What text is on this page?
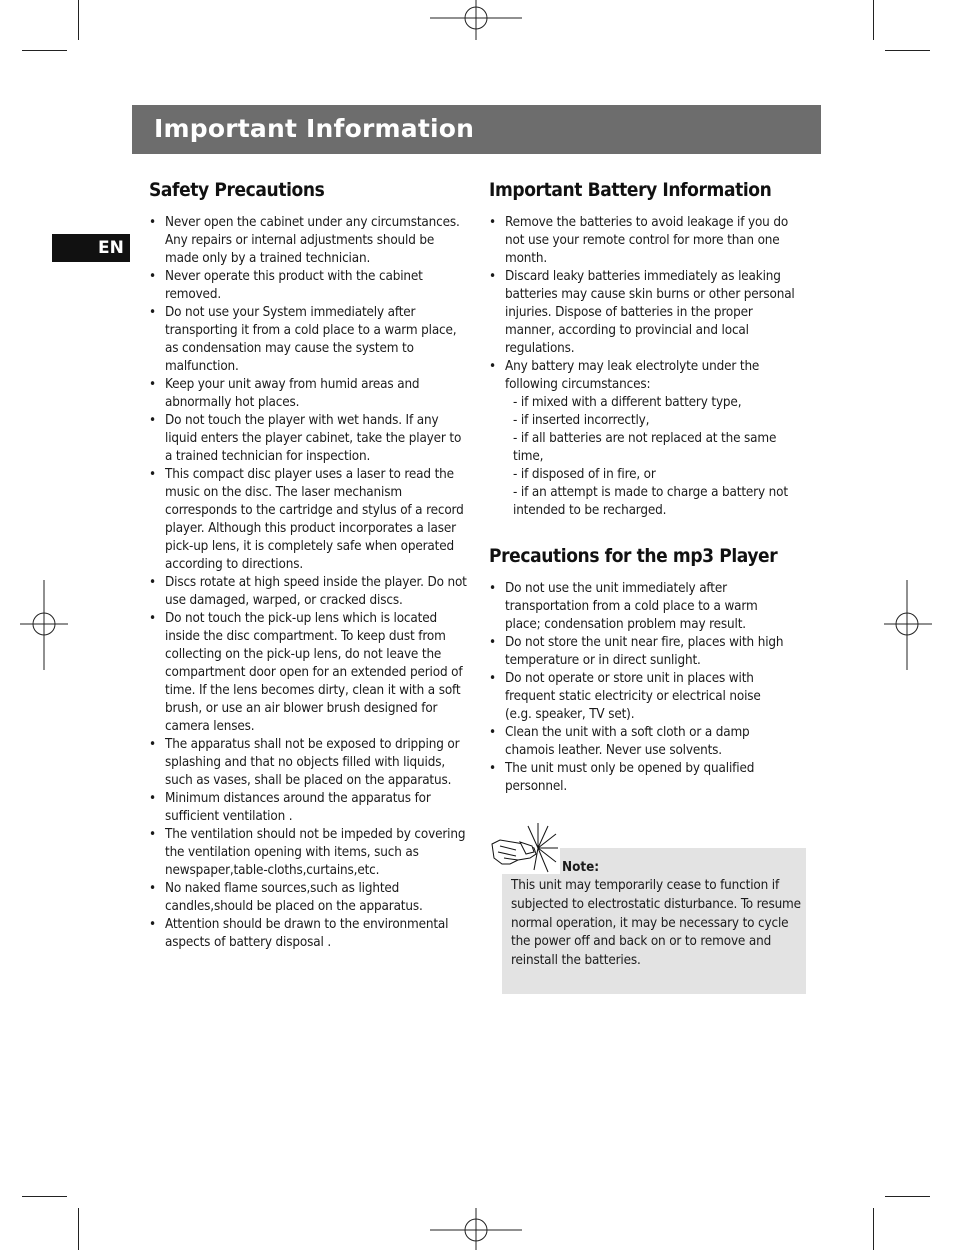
Important Information
EN
Safety Precautions
• Never open the cabinet under any circumstances. Any repairs or internal adjustments should be made only by a trained technician.
• Never operate this product with the cabinet removed.
• Do not use your System immediately after transporting it from a cold place to a warm place, as condensation may cause the system to malfunction.
• Keep your unit away from humid areas and abnormally hot places.
• Do not touch the player with wet hands. If any liquid enters the player cabinet, take the player to a trained technician for inspection.
• This compact disc player uses a laser to read the music on the disc. The laser mechanism corresponds to the cartridge and stylus of a record player. Although this product incorporates a laser pick-up lens, it is completely safe when operated according to directions.
• Discs rotate at high speed inside the player. Do not use damaged, warped, or cracked discs.
• Do not touch the pick-up lens which is located inside the disc compartment. To keep dust from collecting on the pick-up lens, do not leave the compartment door open for an extended period of time. If the lens becomes dirty, clean it with a soft brush, or use an air blower brush designed for camera lenses.
• The apparatus shall not be exposed to dripping or splashing and that no objects filled with liquids, such as vases, shall be placed on the apparatus.
• Minimum distances around the apparatus for sufficient ventilation .
• The ventilation should not be impeded by covering the ventilation opening with items, such as newspaper,table-cloths,curtains,etc.
• No naked flame sources,such as lighted candles,should be placed on the apparatus.
• Attention should be drawn to the environmental aspects of battery disposal .
Important Battery Information
• Remove the batteries to avoid leakage if you do not use your remote control for more than one month.
• Discard leaky batteries immediately as leaking batteries may cause skin burns or other personal injuries. Dispose of batteries in the proper manner, according to provincial and local regulations.
• Any battery may leak electrolyte under the following circumstances:
- if mixed with a different battery type,
- if inserted incorrectly,
- if all batteries are not replaced at the same time,
- if disposed of in fire, or
- if an attempt is made to charge a battery not intended to be recharged.
Precautions for the mp3 Player
• Do not use the unit immediately after transportation from a cold place to a warm place; condensation problem may result.
• Do not store the unit near fire, places with high temperature or in direct sunlight.
• Do not operate or store unit in places with frequent static electricity or electrical noise (e.g. speaker, TV set).
• Clean the unit with a soft cloth or a damp chamois leather. Never use solvents.
• The unit must only be opened by qualified personnel.
Note:
This unit may temporarily cease to function if subjected to electrostatic disturbance. To resume normal operation, it may be necessary to cycle the power off and back on or to remove and reinstall the batteries.
